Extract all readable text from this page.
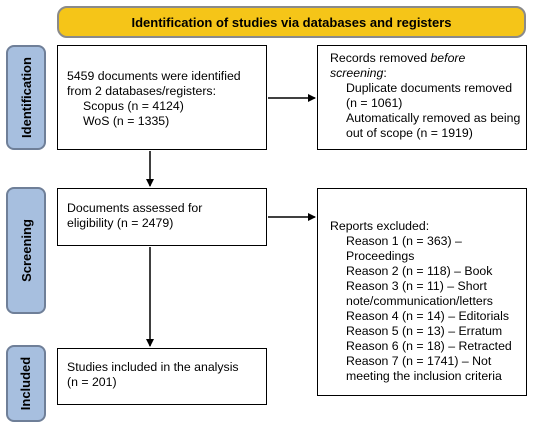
Identification of studies via databases and registers
Identification
Screening
Included
5459 documents were identified
from 2 databases/registers:
Scopus (n = 4124)
WoS (n = 1335)
Records removed before
screening:
Duplicate documents removed
(n = 1061)
Automatically removed as being
out of scope (n = 1919)
Documents assessed for
eligibility (n = 2479)	Reports excluded:
Reason 1 (n = 363) –
Proceedings
Reason 2 (n = 118) – Book
Reason 3 (n = 11) – Short
note/communication/letters
Reason 4 (n = 14) – Editorials
Reason 5 (n = 13) – Erratum
Reason 6 (n = 18) – Retracted
Reason 7 (n = 1741) – Not
meeting the inclusion criteria
Studies included in the analysis
(n = 201)
